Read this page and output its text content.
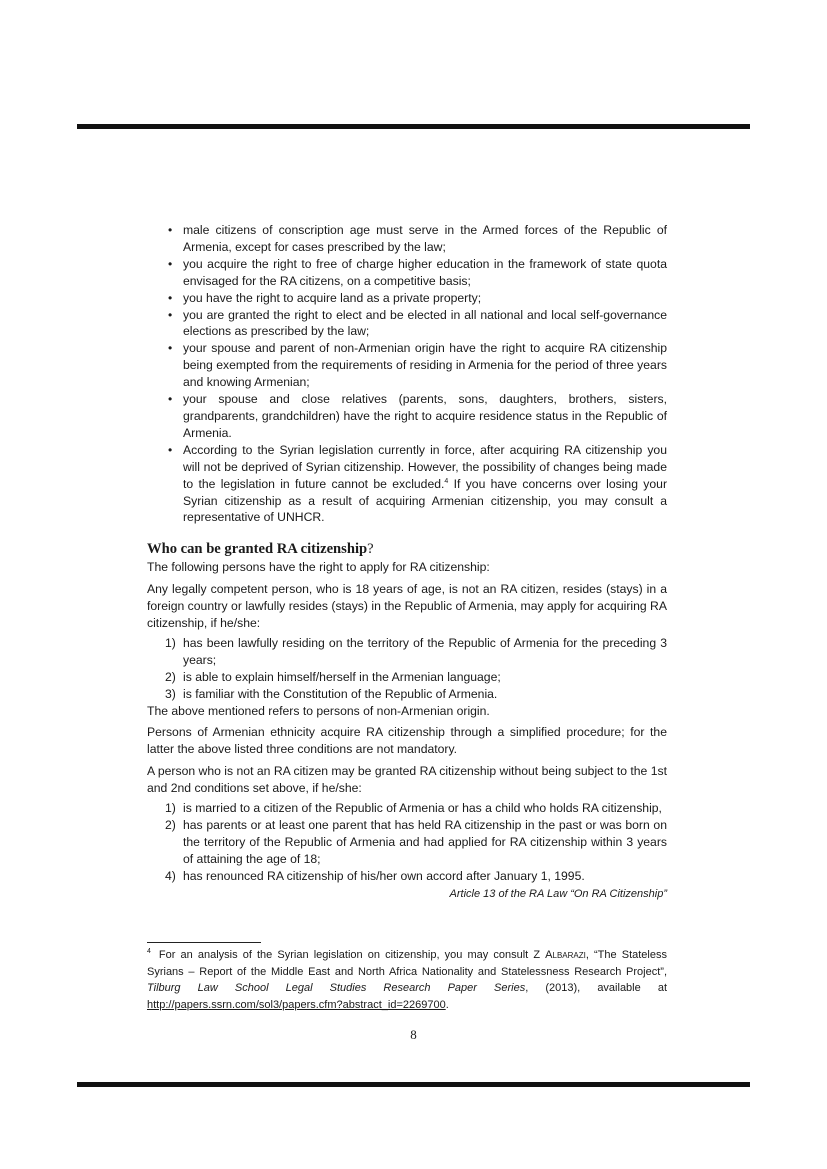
• male citizens of conscription age must serve in the Armed forces of the Republic of Armenia, except for cases prescribed by the law;
• you acquire the right to free of charge higher education in the framework of state quota envisaged for the RA citizens, on a competitive basis;
• you have the right to acquire land as a private property;
• you are granted the right to elect and be elected in all national and local self-governance elections as prescribed by the law;
• your spouse and parent of non-Armenian origin have the right to acquire RA citizenship being exempted from the requirements of residing in Armenia for the period of three years and knowing Armenian;
• your spouse and close relatives (parents, sons, daughters, brothers, sisters, grandparents, grandchildren) have the right to acquire residence status in the Republic of Armenia.
• According to the Syrian legislation currently in force, after acquiring RA citizenship you will not be deprived of Syrian citizenship. However, the possibility of changes being made to the legislation in future cannot be excluded.$^4$ If you have concerns over losing your Syrian citizenship as a result of acquiring Armenian citizenship, you may consult a representative of UNHCR.
Who can be granted RA citizenship?

The following persons have the right to apply for RA citizenship:

Any legally competent person, who is 18 years of age, is not an RA citizen, resides (stays) in a foreign country or lawfully resides (stays) in the Republic of Armenia, may apply for acquiring RA citizenship, if he/she:

1) has been lawfully residing on the territory of the Republic of Armenia for the preceding 3 years;
2) is able to explain himself/herself in the Armenian language;
3) is familiar with the Constitution of the Republic of Armenia.

The above mentioned refers to persons of non-Armenian origin.

Persons of Armenian ethnicity acquire RA citizenship through a simplified procedure; for the latter the above listed three conditions are not mandatory.

A person who is not an RA citizen may be granted RA citizenship without being subject to the 1st and 2nd conditions set above, if he/she:

1) is married to a citizen of the Republic of Armenia or has a child who holds RA citizenship,
2) has parents or at least one parent that has held RA citizenship in the past or was born on the territory of the Republic of Armenia and had applied for RA citizenship within 3 years of attaining the age of 18;
4) has renounced RA citizenship of his/her own accord after January 1, 1995.
Article 13 of the RA Law “On RA Citizenship”
$^4$ For an analysis of the Syrian legislation on citizenship, you may consult Z Albarazi, “The Stateless Syrians – Report of the Middle East and North Africa Nationality and Statelessness Research Project”, Tilburg Law School Legal Studies Research Paper Series, (2013), available at http://papers.ssrn.com/sol3/papers.cfm?abstract_id=2269700.
8
